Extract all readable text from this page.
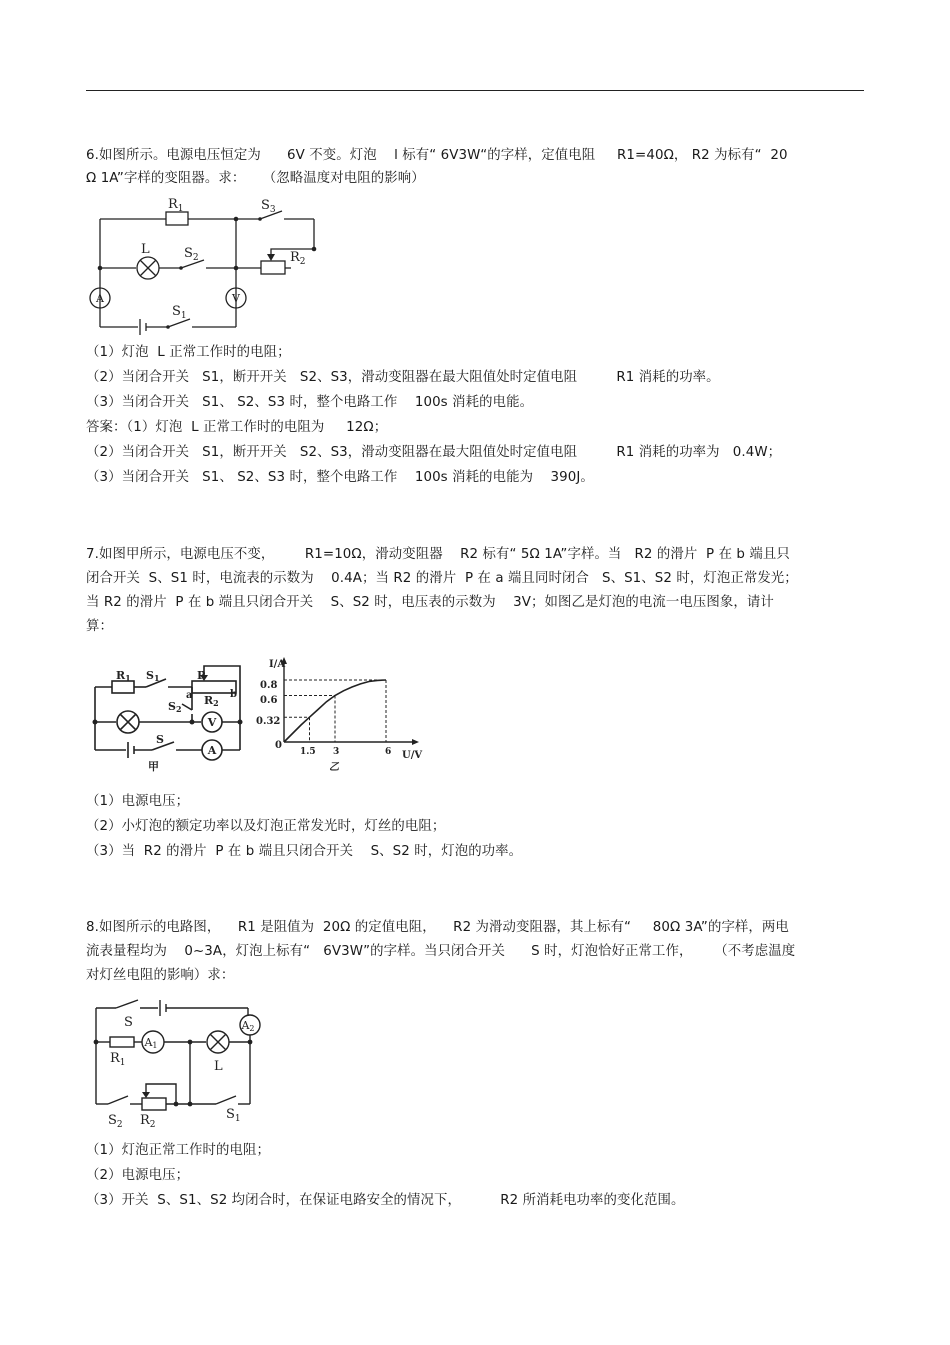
6.如图所示。电源电压恒定为      6V 不变。灯泡    l 标有“ 6V3W“的字样，定值电阻     R1=40Ω， R2 为标有“  20
Ω 1A”字样的变阻器。求：    （忽略温度对电阻的影响）
$R_1$	$S_3$
L	$S_2$	$R_2$
$S_1$
A	V
（1）灯泡  L 正常工作时的电阻；
（2）当闭合开关   S1，断开开关   S2、S3，滑动变阻器在最大阻值处时定值电阻         R1 消耗的功率。
（3）当闭合开关   S1、 S2、S3 时，整个电路工作    100s 消耗的电能。
答案：（1）灯泡  L 正常工作时的电阻为     12Ω；
（2）当闭合开关   S1，断开开关   S2、S3，滑动变阻器在最大阻值处时定值电阻         R1 消耗的功率为   0.4W；
（3）当闭合开关   S1、 S2、S3 时，整个电路工作    100s 消耗的电能为    390J。
7.如图甲所示，电源电压不变，       R1=10Ω，滑动变阻器    R2 标有“ 5Ω 1A”字样。当   R2 的滑片  P 在 b 端且只
闭合开关  S、S1 时，电流表的示数为    0.4A；当 R2 的滑片  P 在 a 端且同时闭合   S、S1、S2 时，灯泡正常发光；
当 R2 的滑片  P 在 b 端且只闭合开关    S、S2 时，电压表的示数为    3V；如图乙是灯泡的电流一电压图象，请计
算：
R1 S1	P
a	b
R2
S2
S
甲
V
A
I/A
U/V
0.8
0.6
0.32
0
1.5 3	6
乙
（1）电源电压；
（2）小灯泡的额定功率以及灯泡正常发光时，灯丝的电阻；
（3）当  R2 的滑片  P 在 b 端且只闭合开关    S、S2 时，灯泡的功率。
8.如图所示的电路图，    R1 是阻值为  20Ω 的定值电阻，    R2 为滑动变阻器，其上标有“     80Ω 3A”的字样，两电
流表量程均为    0~3A，灯泡上标有“   6V3W”的字样。当只闭合开关      S 时，灯泡恰好正常工作，     （不考虑温度
对灯丝电阻的影响）求：
S
$R_1$	L
$S_2$ $R_2$
$S_1$
A1
A2
（1）灯泡正常工作时的电阻；
（2）电源电压；
（3）开关  S、S1、S2 均闭合时，在保证电路安全的情况下，         R2 所消耗电功率的变化范围。
